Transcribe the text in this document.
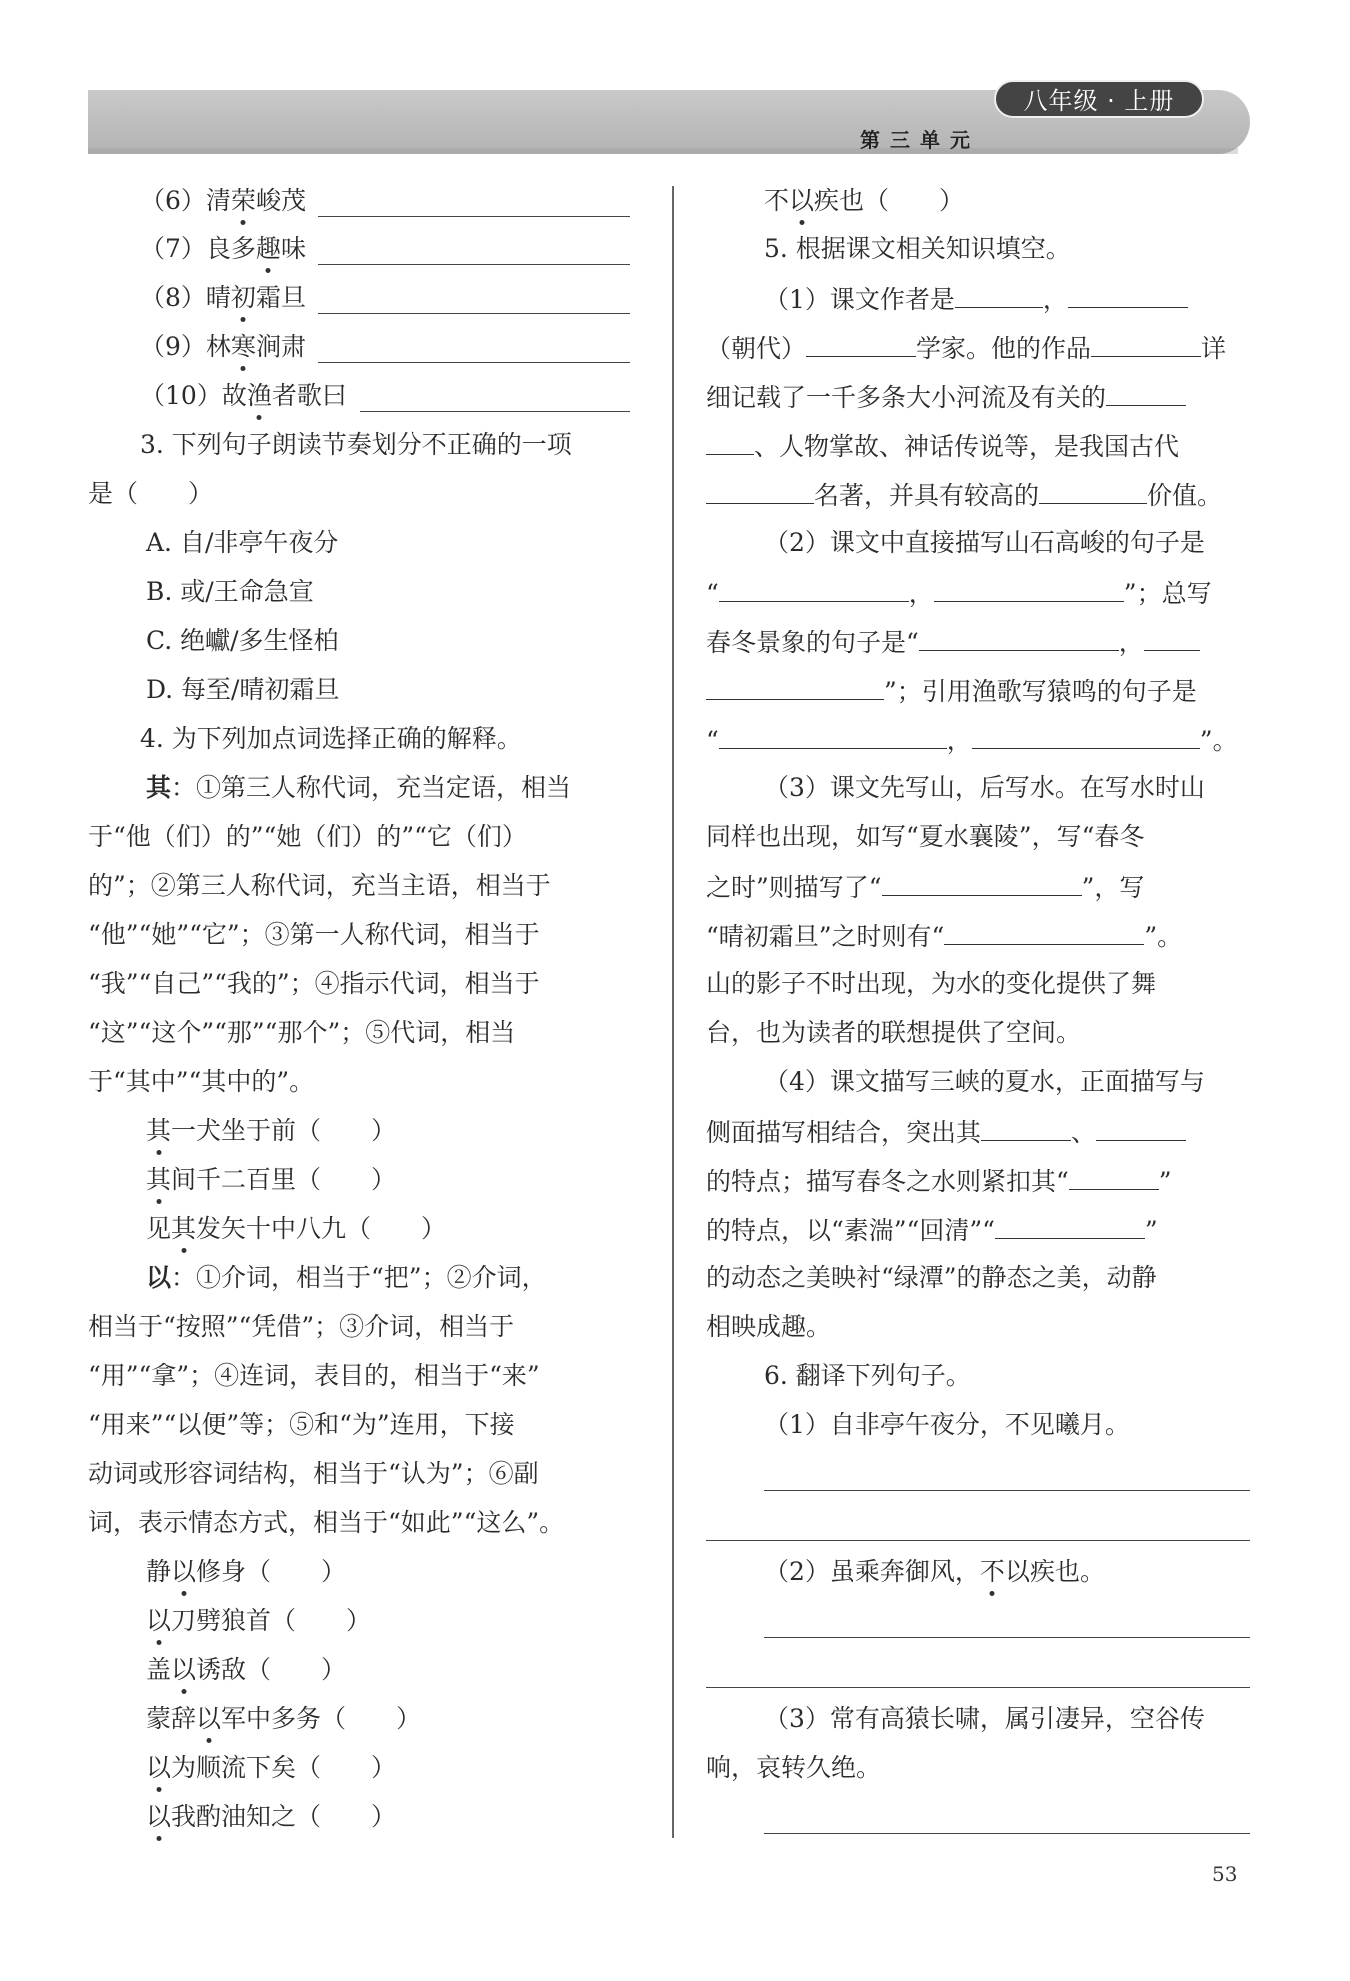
八年级 · 上册
第三单元
（6）清荣峻茂
（7）良多趣味
（8）晴初霜旦
（9）林寒涧肃
（10）故渔者歌曰
3. 下列句子朗读节奏划分不正确的一项
是（　　）
A. 自/非亭午夜分
B. 或/王命急宣
C. 绝巘/多生怪柏
D. 每至/晴初霜旦
4. 为下列加点词选择正确的解释。
其：①第三人称代词，充当定语，相当
于“他（们）的”“她（们）的”“它（们）
的”；②第三人称代词，充当主语，相当于
“他”“她”“它”；③第一人称代词，相当于
“我”“自己”“我的”；④指示代词，相当于
“这”“这个”“那”“那个”；⑤代词，相当
于“其中”“其中的”。
其一犬坐于前（　　）
其间千二百里（　　）
见其发矢十中八九（　　）
以：①介词，相当于“把”；②介词，
相当于“按照”“凭借”；③介词，相当于
“用”“拿”；④连词，表目的，相当于“来”
“用来”“以便”等；⑤和“为”连用，下接
动词或形容词结构，相当于“认为”；⑥副
词，表示情态方式，相当于“如此”“这么”。
静以修身（　　）
以刀劈狼首（　　）
盖以诱敌（　　）
蒙辞以军中多务（　　）
以为顺流下矣（　　）
以我酌油知之（　　）
不以疾也（　　）
5. 根据课文相关知识填空。
（1）课文作者是	，
（朝代）	学家。他的作品	详
细记载了一千多条大小河流及有关的
、人物掌故、神话传说等，是我国古代
名著，并具有较高的	价值。
（2）课文中直接描写山石高峻的句子是
“	，	”；总写
春冬景象的句子是“	，
”；引用渔歌写猿鸣的句子是
“	，	”。
（3）课文先写山，后写水。在写水时山
同样也出现，如写“夏水襄陵”，写“春冬
之时”则描写了“	”，写
“晴初霜旦”之时则有“	”。
山的影子不时出现，为水的变化提供了舞
台，也为读者的联想提供了空间。
（4）课文描写三峡的夏水，正面描写与
侧面描写相结合，突出其	、
的特点；描写春冬之水则紧扣其“	”
的特点，以“素湍”“回清”“	”
的动态之美映衬“绿潭”的静态之美，动静
相映成趣。
6. 翻译下列句子。
（1）自非亭午夜分，不见曦月。
（2）虽乘奔御风，不以疾也。
（3）常有高猿长啸，属引凄异，空谷传
响，哀转久绝。
53
